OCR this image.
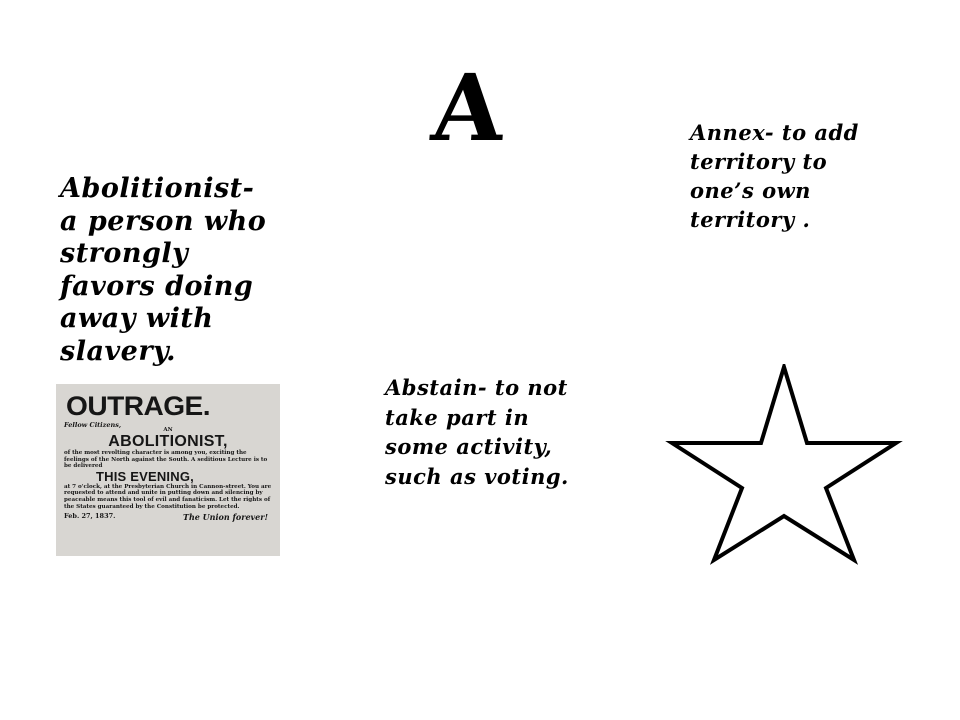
A
Abolitionist-
a person who
strongly
favors doing
away with
slavery.
Annex- to add
territory to
one’s own
territory .
Abstain- to not
take part in
some activity,
such as voting.
OUTRAGE.
Fellow Citizens,
AN
ABOLITIONIST,
of the most revolting character is among you, exciting the feelings of the North against the South. A seditious Lecture is to be delivered
THIS EVENING,
at 7 o'clock, at the Presbyterian Church in Cannon-street. You are requested to attend and unite in putting down and silencing by peaceable means this tool of evil and fanaticism. Let the rights of the States guaranteed by the Constitution be protected.
Feb. 27, 1837.	The Union forever!
